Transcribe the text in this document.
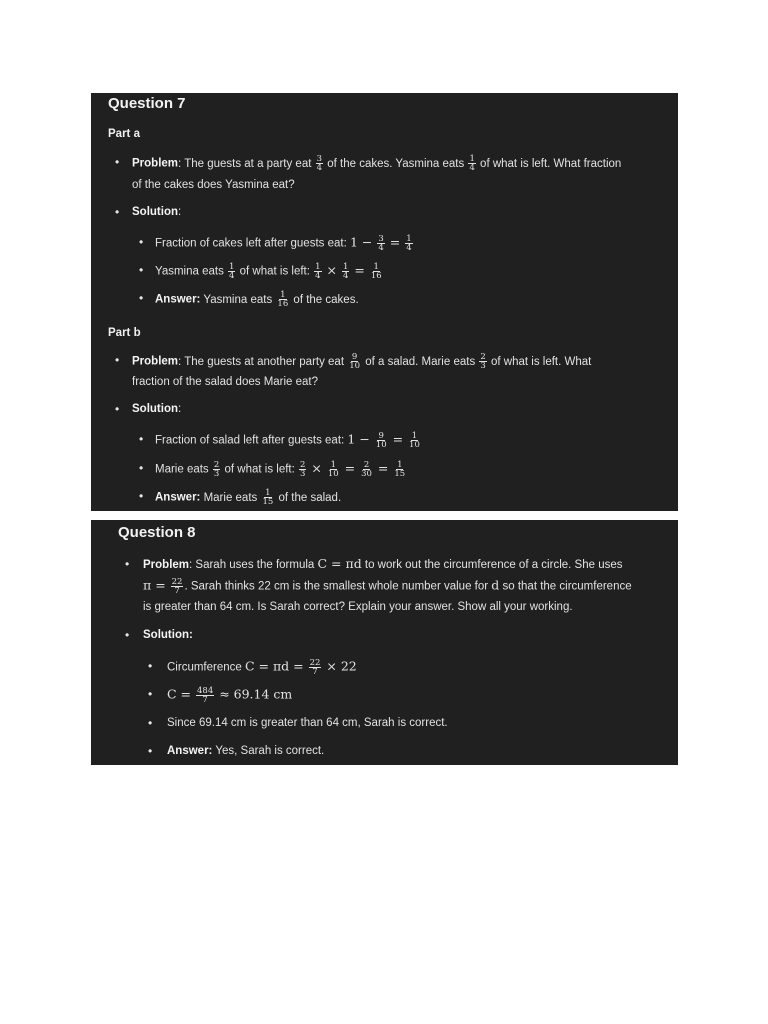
Question 7
Part a
• Problem: The guests at a party eat $\frac{3}{4}$ of the cakes. Yasmina eats $\frac{1}{4}$ of what is left. What fraction
of the cakes does Yasmina eat?
• Solution:
• Fraction of cakes left after guests eat: $1 - \frac{3}{4} = \frac{1}{4}$
• Yasmina eats $\frac{1}{4}$ of what is left: $\frac{1}{4} \times \frac{1}{4} = \frac{1}{16}$
• Answer: Yasmina eats $\frac{1}{16}$ of the cakes.
Part b
• Problem: The guests at another party eat $\frac{9}{10}$ of a salad. Marie eats $\frac{2}{3}$ of what is left. What
fraction of the salad does Marie eat?
• Solution:
• Fraction of salad left after guests eat: $1 - \frac{9}{10} = \frac{1}{10}$
• Marie eats $\frac{2}{3}$ of what is left: $\frac{2}{3} \times \frac{1}{10} = \frac{2}{30} = \frac{1}{15}$
• Answer: Marie eats $\frac{1}{15}$ of the salad.
Question 8
• Problem: Sarah uses the formula C = πd to work out the circumference of a circle. She uses
$\pi = \frac{22}{7}$ . Sarah thinks 22 cm is the smallest whole number value for d so that the circumference
is greater than 64 cm. Is Sarah correct? Explain your answer. Show all your working.
• Solution:
• Circumference $C = \pi d = \frac{22}{7} \times 22$
• $C = \frac{484}{7} \approx 69.14$ cm
• Since 69.14 cm is greater than 64 cm, Sarah is correct.
• Answer: Yes, Sarah is correct.
